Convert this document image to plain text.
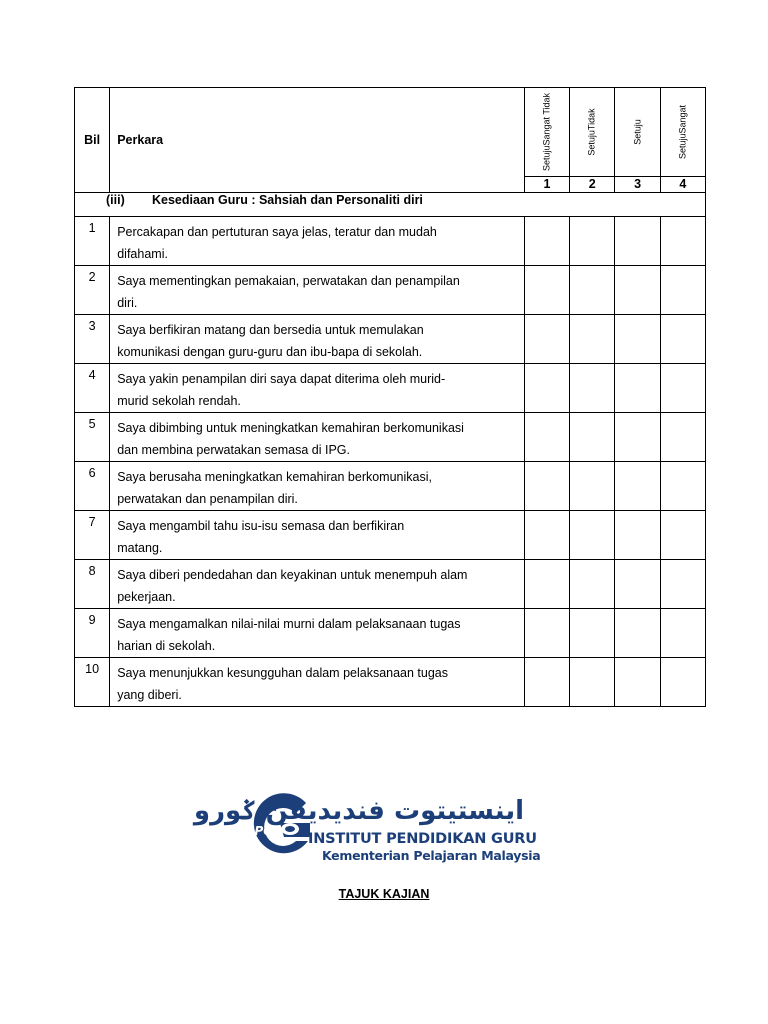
Bil	Perkara	SetujuSangat Tidak	SetujuTidak	Setuju	SetujuSangat

		1	2	3	4
(iii) Kesediaan Guru : Sahsiah dan Personaliti diri					
1	Percakapan dan pertuturan saya jelas, teratur dan mudah
difahami.				

2	Saya mementingkan pemakaian, perwatakan dan penampilan
diri.				

3	Saya berfikiran matang dan bersedia untuk memulakan
komunikasi dengan guru-guru dan ibu-bapa di sekolah.				

4	Saya yakin penampilan diri saya dapat diterima oleh murid-
murid sekolah rendah.				

5	Saya dibimbing untuk meningkatkan kemahiran berkomunikasi
dan membina perwatakan semasa di IPG.				

6	Saya berusaha meningkatkan kemahiran berkomunikasi,
perwatakan dan penampilan diri.				

7	Saya mengambil tahu isu-isu semasa dan berfikiran
matang.				

8	Saya diberi pendedahan dan keyakinan untuk menempuh alam
pekerjaan.				

9	Saya mengamalkan nilai-nilai murni dalam pelaksanaan tugas
harian di sekolah.				

10	Saya menunjukkan kesungguhan dalam pelaksanaan tugas
yang diberi.				

IPG
اينستيتوت فنديديقن ݢورو
INSTITUT PENDIDIKAN GURU
Kementerian Pelajaran Malaysia
TAJUK KAJIAN
